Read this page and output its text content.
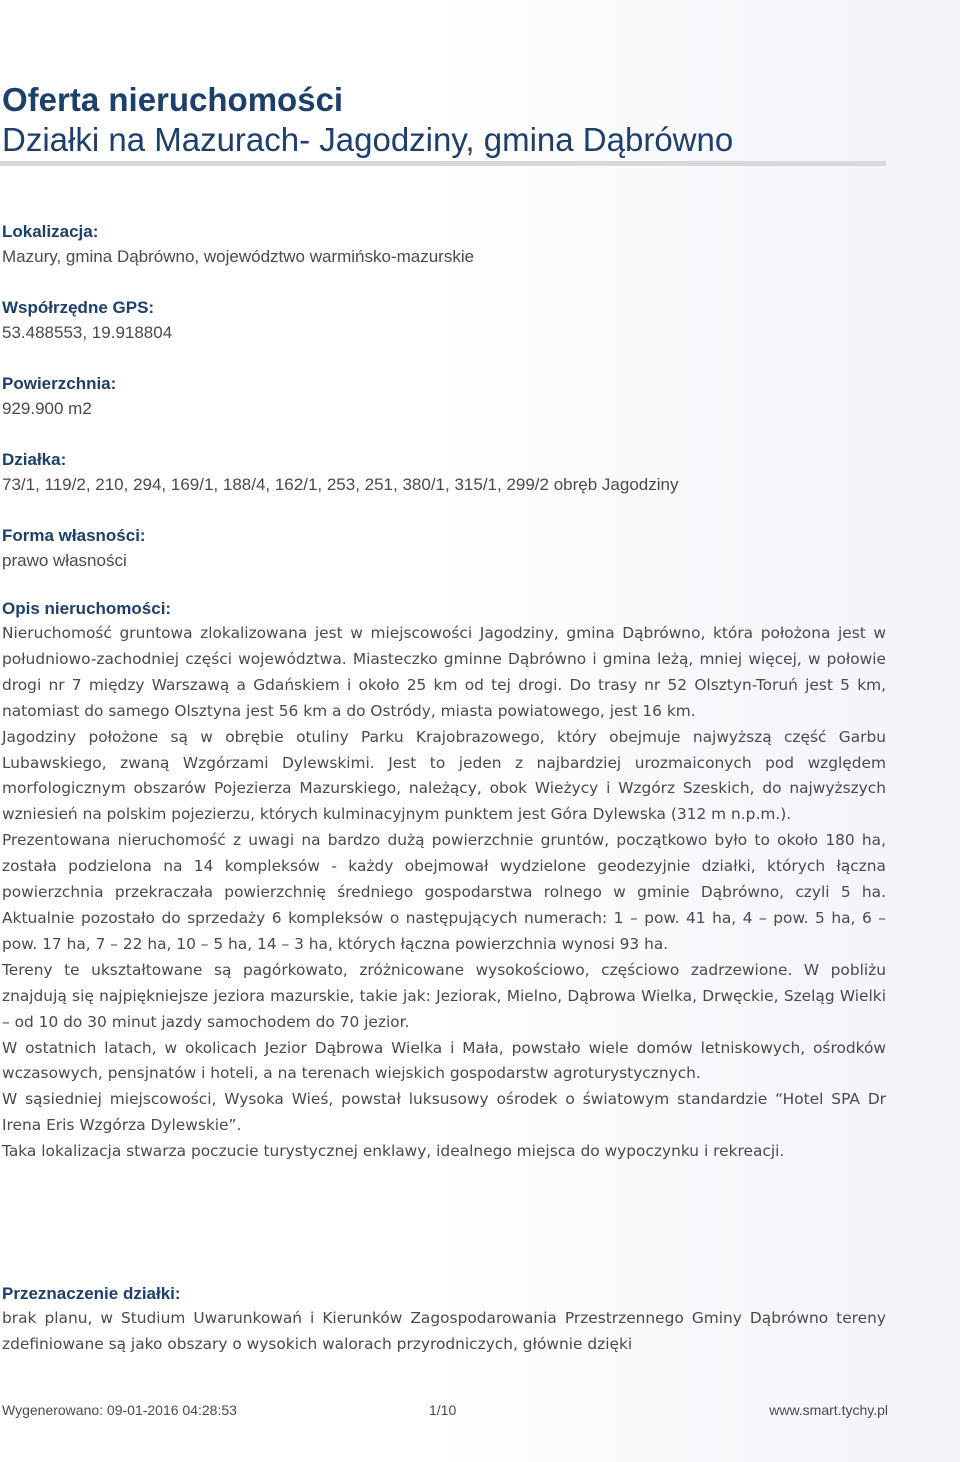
Oferta nieruchomości
Działki na Mazurach- Jagodziny, gmina Dąbrówno
Lokalizacja:
Mazury, gmina Dąbrówno, województwo warmińsko-mazurskie
Współrzędne GPS:
53.488553, 19.918804
Powierzchnia:
929.900 m2
Działka:
73/1, 119/2, 210, 294, 169/1, 188/4, 162/1, 253, 251, 380/1, 315/1, 299/2 obręb Jagodziny
Forma własności:
prawo własności
Opis nieruchomości:

Nieruchomość gruntowa zlokalizowana jest w miejscowości Jagodziny, gmina Dąbrówno, która położona jest w południowo-zachodniej części województwa. Miasteczko gminne Dąbrówno i gmina leżą, mniej więcej, w połowie drogi nr 7 między Warszawą a Gdańskiem i około 25 km od tej drogi. Do trasy nr 52 Olsztyn-Toruń jest 5 km, natomiast do samego Olsztyna jest 56 km a do Ostródy, miasta powiatowego, jest 16 km.

Jagodziny położone są w obrębie otuliny Parku Krajobrazowego, który obejmuje najwyższą część Garbu Lubawskiego, zwaną Wzgórzami Dylewskimi. Jest to jeden z najbardziej urozmaiconych pod względem morfologicznym obszarów Pojezierza Mazurskiego, należący, obok Wieżycy i Wzgórz Szeskich, do najwyższych wzniesień na polskim pojezierzu, których kulminacyjnym punktem jest Góra Dylewska (312 m n.p.m.).

Prezentowana nieruchomość z uwagi na bardzo dużą powierzchnie gruntów, początkowo było to około 180 ha, została podzielona na 14 kompleksów - każdy obejmował wydzielone geodezyjnie działki, których łączna powierzchnia przekraczała powierzchnię średniego gospodarstwa rolnego w gminie Dąbrówno, czyli 5 ha. Aktualnie pozostało do sprzedaży 6 kompleksów o następujących numerach: 1 – pow. 41 ha, 4 – pow. 5 ha, 6 – pow. 17 ha, 7 – 22 ha, 10 – 5 ha, 14 – 3 ha, których łączna powierzchnia wynosi 93 ha.

Tereny te ukształtowane są pagórkowato, zróżnicowane wysokościowo, częściowo zadrzewione. W pobliżu znajdują się najpiękniejsze jeziora mazurskie, takie jak: Jeziorak, Mielno, Dąbrowa Wielka, Drwęckie, Szeląg Wielki – od 10 do 30 minut jazdy samochodem do 70 jezior.

W ostatnich latach, w okolicach Jezior Dąbrowa Wielka i Mała, powstało wiele domów letniskowych, ośrodków wczasowych, pensjnatów i hoteli, a na terenach wiejskich gospodarstw agroturystycznych.

W sąsiedniej miejscowości, Wysoka Wieś, powstał luksusowy ośrodek o światowym standardzie “Hotel SPA Dr Irena Eris Wzgórza Dylewskie”.

Taka lokalizacja stwarza poczucie turystycznej enklawy, idealnego miejsca do wypoczynku i rekreacji.

Przeznaczenie działki:
brak planu, w Studium Uwarunkowań i Kierunków Zagospodarowania Przestrzennego Gminy Dąbrówno tereny zdefiniowane są jako obszary o wysokich walorach przyrodniczych, głównie dzięki
Wygenerowano: 09-01-2016 04:28:53	1/10	www.smart.tychy.pl
